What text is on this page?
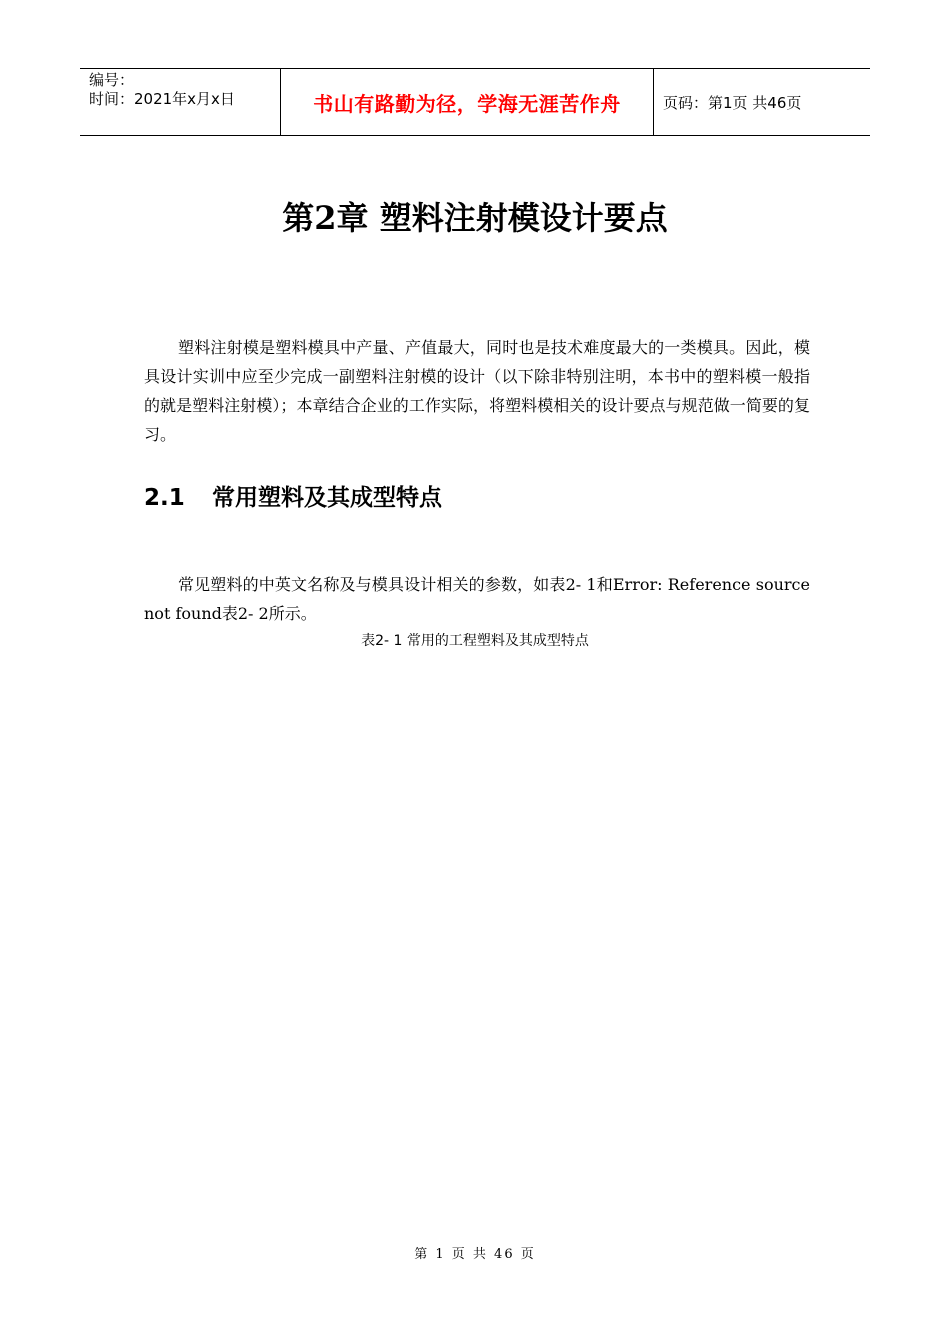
编号：
时间：2021年x月x日	书山有路勤为径，学海无涯苦作舟	页码：第1页 共46页
第2章 塑料注射模设计要点

塑料注射模是塑料模具中产量、产值最大，同时也是技术难度最大的一类模具。因此，模具设计实训中应至少完成一副塑料注射模的设计（以下除非特别注明，本书中的塑料模一般指的就是塑料注射模）；本章结合企业的工作实际，将塑料模相关的设计要点与规范做一简要的复习。

2.1	常用塑料及其成型特点

常见塑料的中英文名称及与模具设计相关的参数，如表2- 1和Error: Reference source not found表2- 2所示。

表2- 1 常用的工程塑料及其成型特点
第 1 页 共 46 页
